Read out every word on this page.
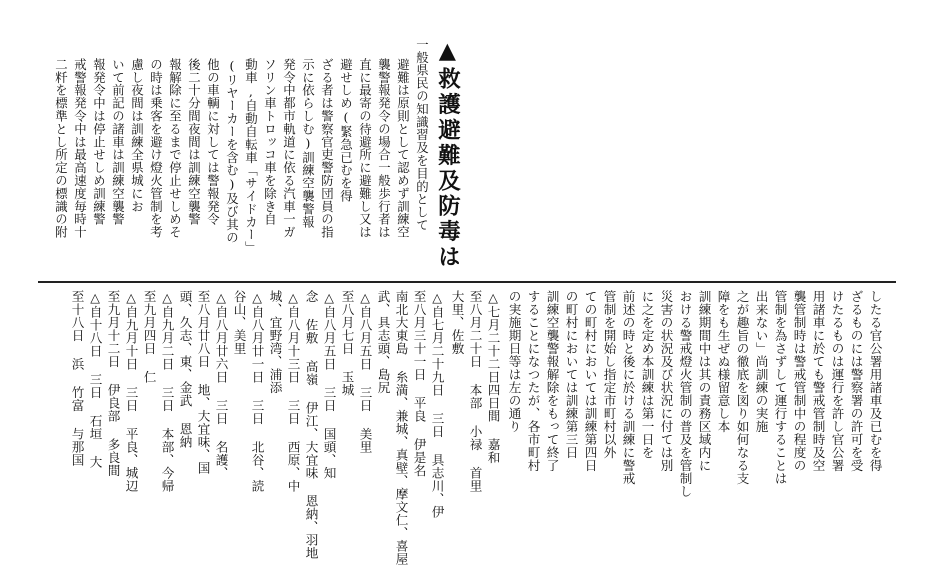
▲救護避難及防毒は
一般県民の知識習及を目的として
避難は原則として認めず訓練空
襲警報発令の場合一般歩行者は
直に最寄の待避所に避難し又は
避せしめ(緊急已むを得
ざる者は警察官吏警防団員の指
示に依らしむ)訓練空襲警報
発令中都市軌道に依る汽車一ガ
ソリン車トロッコ車を除き自
動車,自動自転車「サイドカー」
(リヤーカーを含む)及び其の
他の車輌に対しては警報発令
後二十分間夜間は訓練空襲警
報解除に至るまで停止せしめそ
の時は乗客を避け燈火管制を考
慮し夜間は訓練全県城にお
いて前記の諸車は訓練空襲警
報発令中は停止せしめ訓練警
戒警報発令中は最高速度毎時十
二粁を標準とし所定の標識の附
したる官公署用諸車及已むを得
ざるものには警察署の許可を受
けたるものは運行を許し官公署
用諸車に於ても警戒管制時及空
襲管制時は警戒管制中の程度の
管制を為さずして運行することは
出来ない」尚訓練の実施
之が趣旨の徹底を図り如何なる支
障をも生ぜぬ様留意し本
訓練期間中は其の責務区域内に
おける警戒燈火管制の普及を管制し
災害の状況及び状況に付ては別
に之を定め本訓練は第一日を
前述の時と後に於ける訓練に警戒
管制を開始し指定市町村以外
ての町村においては訓練第四日
の町村においては訓練第三日
訓練空襲警報解除をもって終了
することになつたが、各市町村
の実施期日等は左の通り
△七月二十二日四日間 嘉和
至八月二十日 本部 小禄 首里
大里、佐敷
△自七月二十九日 三日 具志川、伊
至八月三十一日 平良 伊是名
南北大東島 糸満、兼城、真壁、摩文仁、喜屋
武、具志頭、島尻
△自八月五日 三日 美里
至八月七日 玉城
△自八月五日 三日 国頭、知
念 佐敷 高嶺 伊江、大宜味 恩納、羽地
△自八月十三日 三日 西原、中
城、宜野湾、浦添
△自八月廿一日 三日 北谷、読
谷山、美里
△自八月廿六日 三日 名護、
至八月廿八日 地、大宜味、国
頭、久志、東、金武 恩納
△自九月二日 三日 本部、今帰
至九月四日 仁
△自九月十日 三日 平良、城辺
至九月十二日 伊良部 多良間
△自十八日 三日 石垣 大
至十八日 浜 竹富 与那国
